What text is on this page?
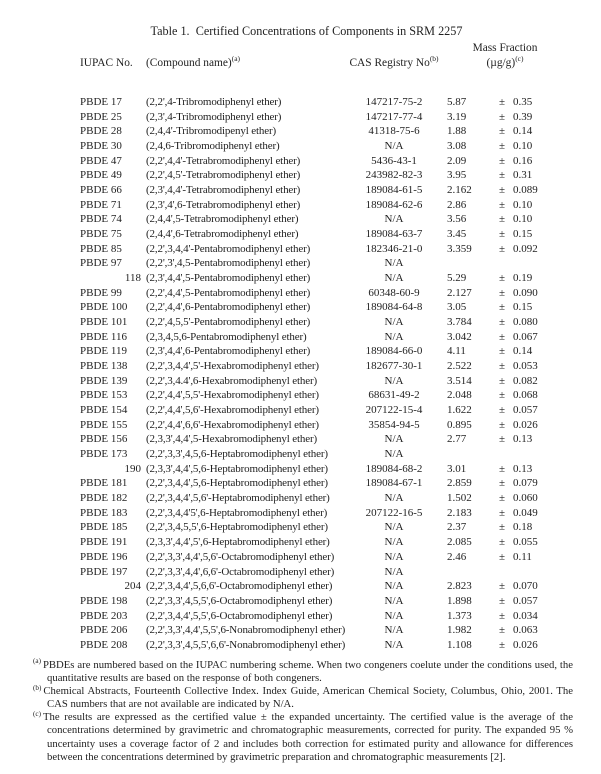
Table 1.  Certified Concentrations of Components in SRM 2257

Mass Fraction
IUPAC No.	(Compound name)$^{(a)}$	CAS Registry No$^{(b)}$	$(\mu g/g)^{(c)}$
PBDE 17	(2,2',4-Tribromodiphenyl ether)	147217-75-2	5.87	± 0.35
PBDE 25	(2,3',4-Tribromodiphenyl ether)	147217-77-4	3.19	± 0.39
PBDE 28	(2,4,4'-Tribromodipenyl ether)	41318-75-6	1.88	± 0.14
PBDE 30	(2,4,6-Tribromodiphenyl ether)	N/A	3.08	± 0.10
PBDE 47	(2,2',4,4'-Tetrabromodiphenyl ether)	5436-43-1	2.09	± 0.16
PBDE 49	(2,2',4,5'-Tetrabromodiphenyl ether)	243982-82-3	3.95	± 0.31
PBDE 66	(2,3',4,4'-Tetrabromodiphenyl ether)	189084-61-5	2.162	± 0.089
PBDE 71	(2,3',4',6-Tetrabromodiphenyl ether)	189084-62-6	2.86	± 0.10
PBDE 74	(2,4,4',5-Tetrabromodiphenyl ether)	N/A	3.56	± 0.10
PBDE 75	(2,4,4',6-Tetrabromodiphenyl ether)	189084-63-7	3.45	± 0.15
PBDE 85	(2,2',3,4,4'-Pentabromodiphenyl ether)	182346-21-0	3.359	± 0.092
PBDE 97	(2,2',3',4,5-Pentabromodiphenyl ether)	N/A
118 (2,3',4,4',5-Pentabromodiphenyl ether)	N/A	5.29	± 0.19
PBDE 99	(2,2',4,4',5-Pentabromodiphenyl ether)	60348-60-9	2.127	± 0.090
PBDE 100	(2,2',4,4',6-Pentabromodiphenyl ether)	189084-64-8	3.05	± 0.15
PBDE 101	(2,2',4,5,5'-Pentabromodiphenyl ether)	N/A	3.784	± 0.080
PBDE 116	(2,3,4,5,6-Pentabromodiphenyl ether)	N/A	3.042	± 0.067
PBDE 119	(2,3',4,4',6-Pentabromodiphenyl ether)	189084-66-0	4.11	± 0.14
PBDE 138	(2,2',3,4,4',5'-Hexabromodiphenyl ether)	182677-30-1	2.522	± 0.053
PBDE 139	(2,2',3,4.4',6-Hexabromodiphenyl ether)	N/A	3.514	± 0.082
PBDE 153	(2,2',4,4',5,5'-Hexabromodiphenyl ether)	68631-49-2	2.048	± 0.068
PBDE 154	(2,2',4,4',5,6'-Hexabromodiphenyl ether)	207122-15-4	1.622	± 0.057
PBDE 155	(2,2',4,4',6,6'-Hexabromodiphenyl ether)	35854-94-5	0.895	± 0.026
PBDE 156	(2,3,3',4,4',5-Hexabromodiphenyl ether)	N/A	2.77	± 0.13
PBDE 173	(2,2',3,3',4,5,6-Heptabromodiphenyl ether)	N/A
190 (2,3,3',4,4',5,6-Heptabromodiphenyl ether)	189084-68-2	3.01	± 0.13
PBDE 181	(2,2',3,4,4',5,6-Heptabromodiphenyl ether)	189084-67-1	2.859	± 0.079
PBDE 182	(2,2',3,4,4',5,6'-Heptabromodiphenyl ether)	N/A	1.502	± 0.060
PBDE 183	(2,2',3,4,4'5',6-Heptabromodiphenyl ether)	207122-16-5	2.183	± 0.049
PBDE 185	(2,2',3,4,5,5',6-Heptabromodiphenyl ether)	N/A	2.37	± 0.18
PBDE 191	(2,3,3',4,4',5',6-Heptabromodiphenyl ether)	N/A	2.085	± 0.055
PBDE 196	(2,2',3,3',4,4',5,6'-Octabromodiphenyl ether)	N/A	2.46	± 0.11
PBDE 197	(2,2',3,3',4,4',6,6'-Octabromodiphenyl ether)	N/A
204 (2,2',3,4,4',5,6,6'-Octabromodiphenyl ether)	N/A	2.823	± 0.070
PBDE 198	(2,2',3,3',4,5,5',6-Octabromodiphenyl ether)	N/A	1.898	± 0.057
PBDE 203	(2,2',3,4,4',5,5',6-Octabromodiphenyl ether)	N/A	1.373	± 0.034
PBDE 206	(2,2',3,3',4,4',5,5',6-Nonabromodiphenyl ether)	N/A	1.982	± 0.063
PBDE 208	(2,2',3,3',4,5,5',6,6'-Nonabromodiphenyl ether)	N/A	1.108	± 0.026

$^{(a)}$ PBDEs are numbered based on the IUPAC numbering scheme. When two congeners coelute under the conditions used, the quantitative results are based on the response of both congeners.

$^{(b)}$ Chemical Abstracts, Fourteenth Collective Index. Index Guide, American Chemical Society, Columbus, Ohio, 2001. The CAS numbers that are not available are indicated by N/A.

$^{(c)}$ The results are expressed as the certified value ± the expanded uncertainty. The certified value is the average of the concentrations determined by gravimetric and chromatographic measurements, corrected for purity. The expanded 95 % uncertainty uses a coverage factor of 2 and includes both correction for estimated purity and allowance for differences between the concentrations determined by gravimetric preparation and chromatographic measurements [2].
